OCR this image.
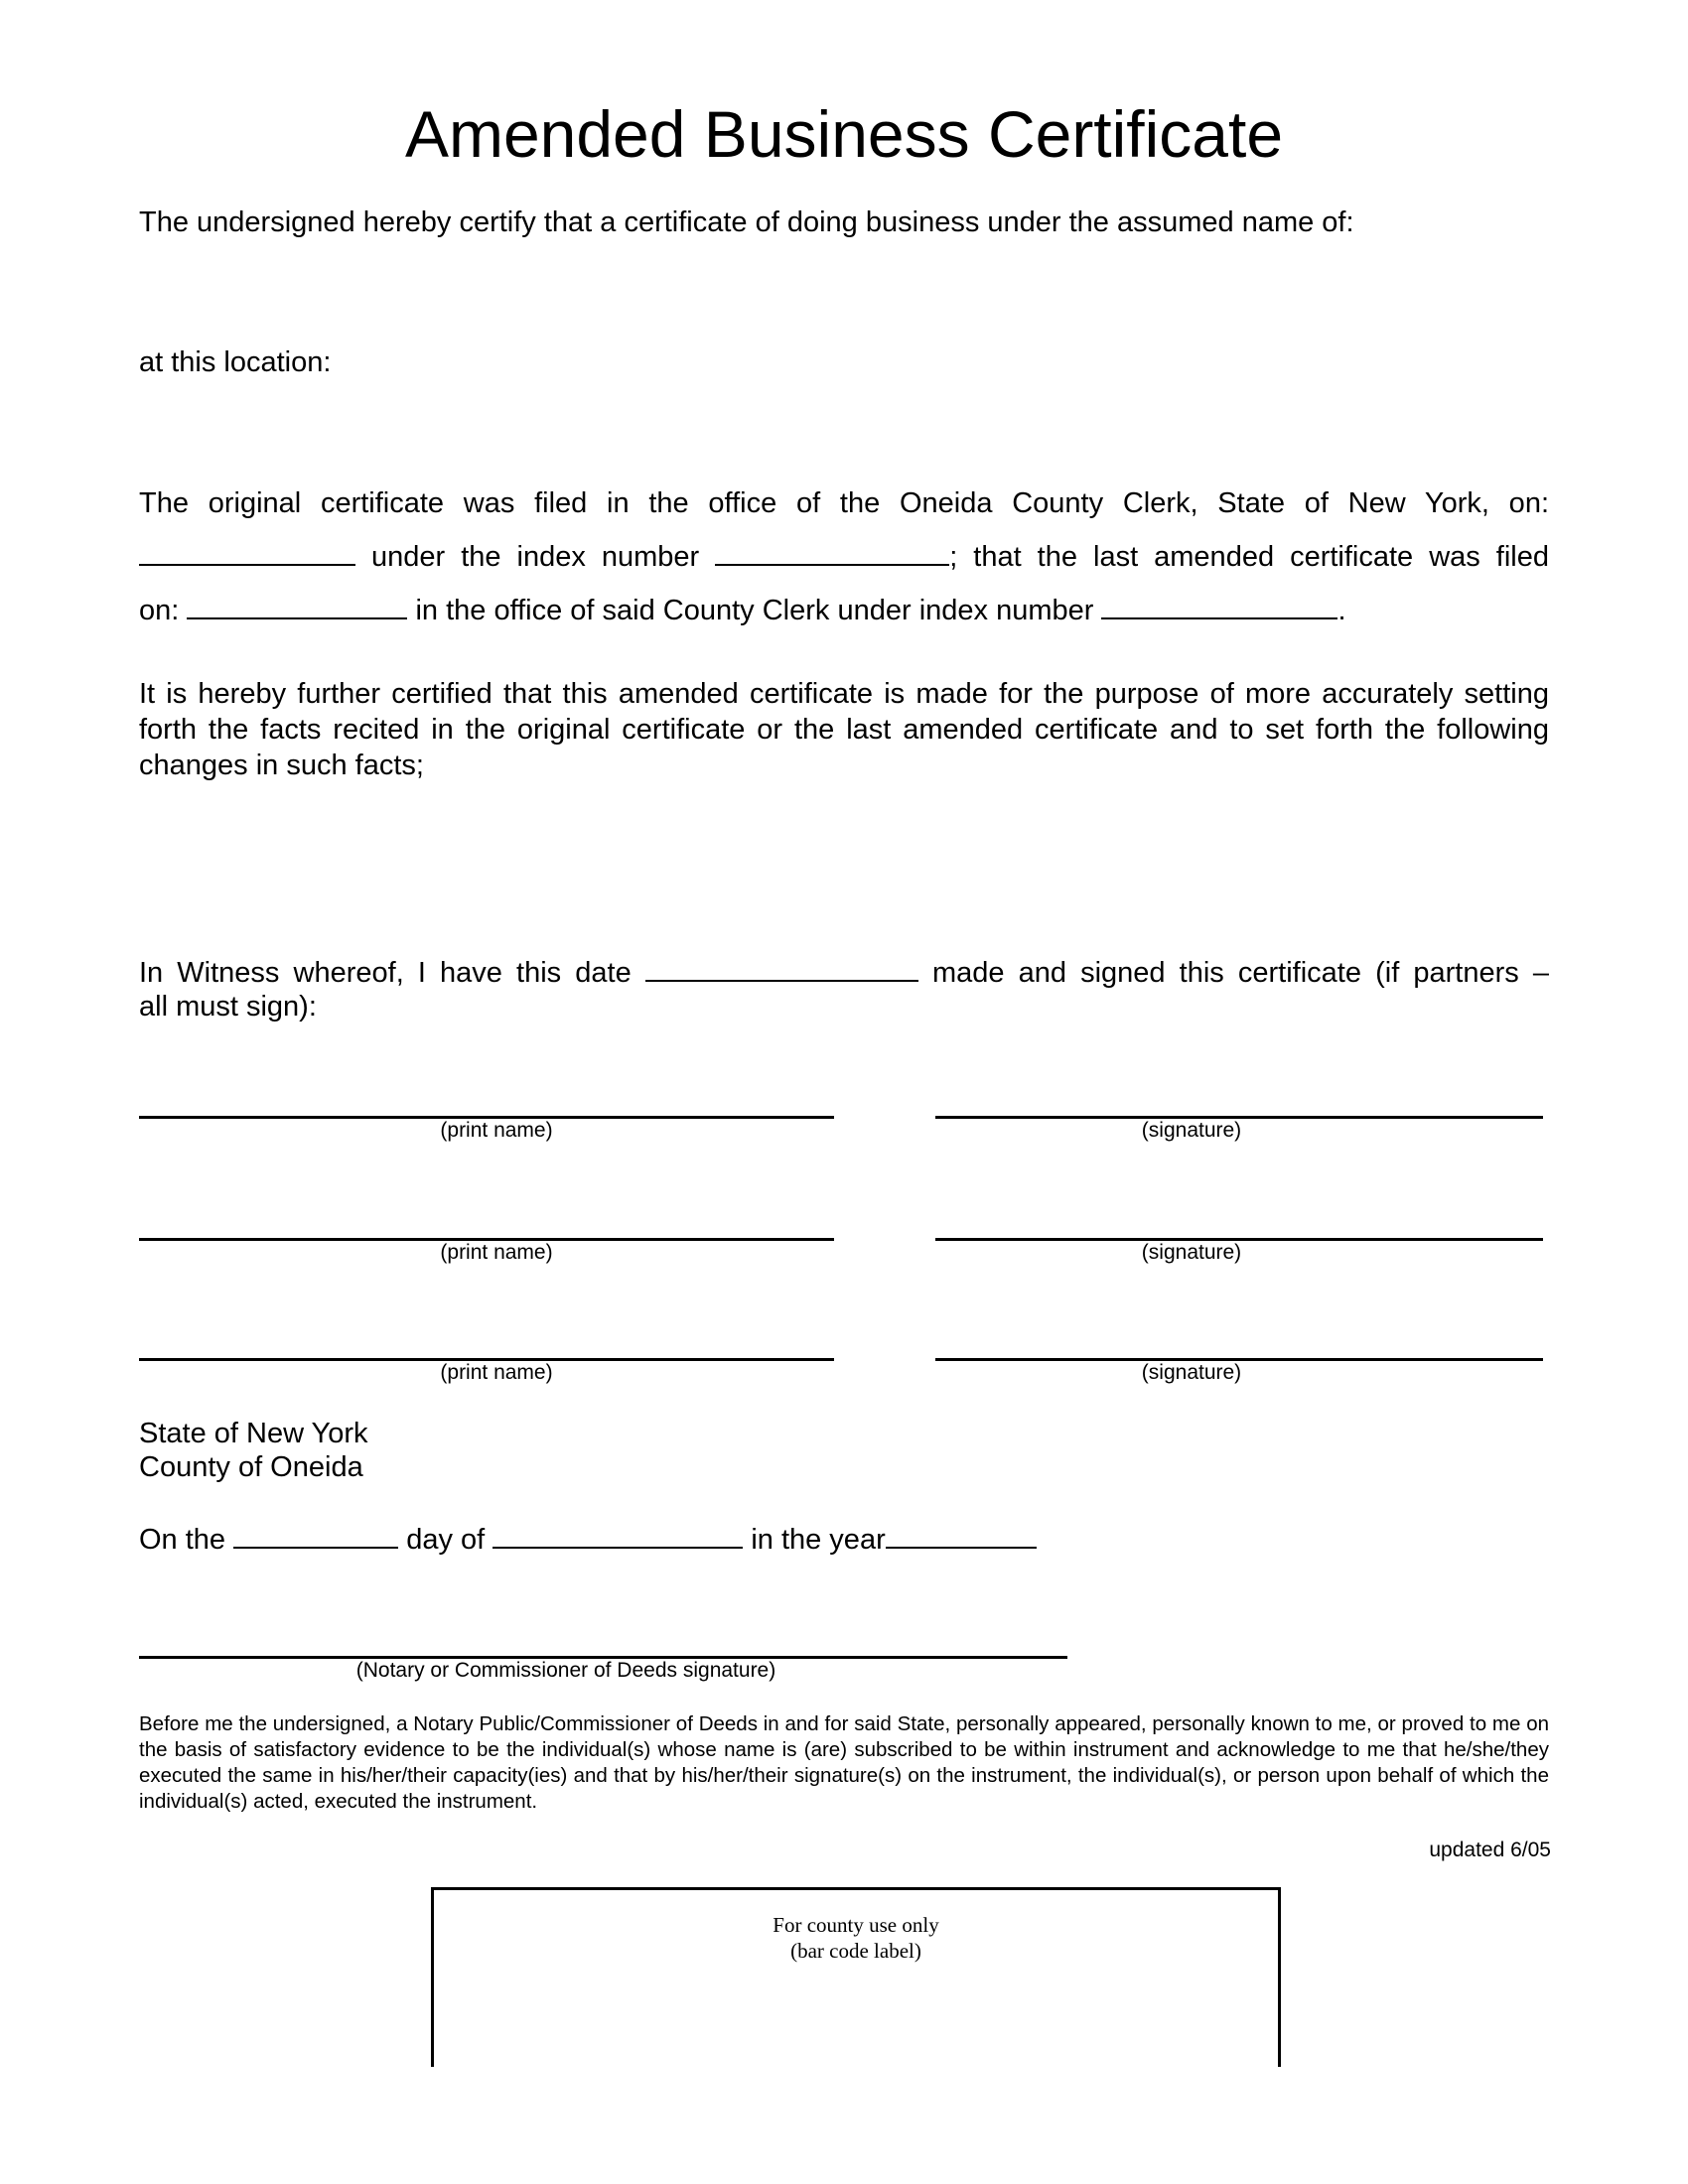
Amended Business Certificate
The undersigned hereby certify that a certificate of doing business under the assumed name of:
at this location:
The original certificate was filed in the office of the Oneida County Clerk, State of New York, on:
under the index number	; that the last amended certificate was filed
on:	in the office of said County Clerk under index number	.
It is hereby further certified that this amended certificate is made for the purpose of more accurately setting forth the facts recited in the original certificate or the last amended certificate and to set forth the following changes in such facts;
In Witness whereof, I have this date	made and signed this certificate (if partners –
all must sign):
(print name)	(signature)
(print name)	(signature)
(print name)	(signature)
State of New York
County of Oneida
On the	day of	in the year
(Notary or Commissioner of Deeds signature)
Before me the undersigned, a Notary Public/Commissioner of Deeds in and for said State, personally appeared, personally known to me, or proved to me on the basis of satisfactory evidence to be the individual(s) whose name is (are) subscribed to be within instrument and acknowledge to me that he/she/they executed the same in his/her/their capacity(ies) and that by his/her/their signature(s) on the instrument, the individual(s), or person upon behalf of which the individual(s) acted, executed the instrument.
updated 6/05
For county use only
(bar code label)
